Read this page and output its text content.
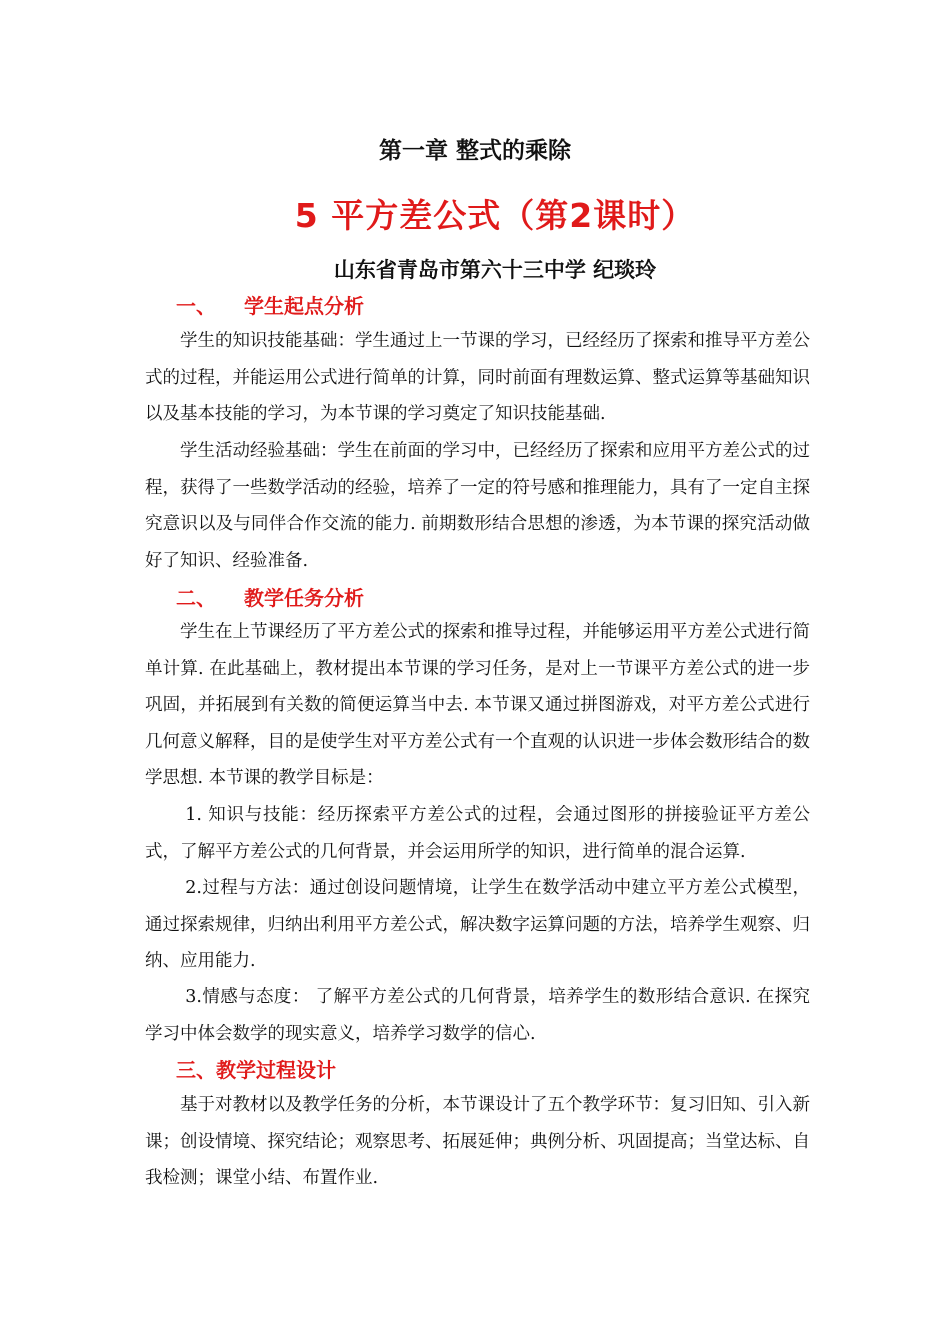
第一章 整式的乘除
5 平方差公式（第2课时）
山东省青岛市第六十三中学 纪琰玲
一、 学生起点分析

学生的知识技能基础：学生通过上一节课的学习，已经经历了探索和推导平方差公式的过程，并能运用公式进行简单的计算，同时前面有理数运算、整式运算等基础知识以及基本技能的学习，为本节课的学习奠定了知识技能基础.

学生活动经验基础：学生在前面的学习中，已经经历了探索和应用平方差公式的过程，获得了一些数学活动的经验，培养了一定的符号感和推理能力，具有了一定自主探究意识以及与同伴合作交流的能力. 前期数形结合思想的渗透，为本节课的探究活动做好了知识、经验准备.

二、 教学任务分析

学生在上节课经历了平方差公式的探索和推导过程，并能够运用平方差公式进行简单计算. 在此基础上，教材提出本节课的学习任务，是对上一节课平方差公式的进一步巩固，并拓展到有关数的简便运算当中去. 本节课又通过拼图游戏，对平方差公式进行几何意义解释，目的是使学生对平方差公式有一个直观的认识进一步体会数形结合的数学思想. 本节课的教学目标是：

1. 知识与技能：经历探索平方差公式的过程，会通过图形的拼接验证平方差公式，了解平方差公式的几何背景，并会运用所学的知识，进行简单的混合运算.

2.过程与方法：通过创设问题情境，让学生在数学活动中建立平方差公式模型，通过探索规律，归纳出利用平方差公式，解决数字运算问题的方法，培养学生观察、归纳、应用能力.

3.情感与态度： 了解平方差公式的几何背景，培养学生的数形结合意识. 在探究学习中体会数学的现实意义，培养学习数学的信心.

三、教学过程设计

基于对教材以及教学任务的分析，本节课设计了五个教学环节：复习旧知、引入新课；创设情境、探究结论；观察思考、拓展延伸；典例分析、巩固提高；当堂达标、自我检测；课堂小结、布置作业.
